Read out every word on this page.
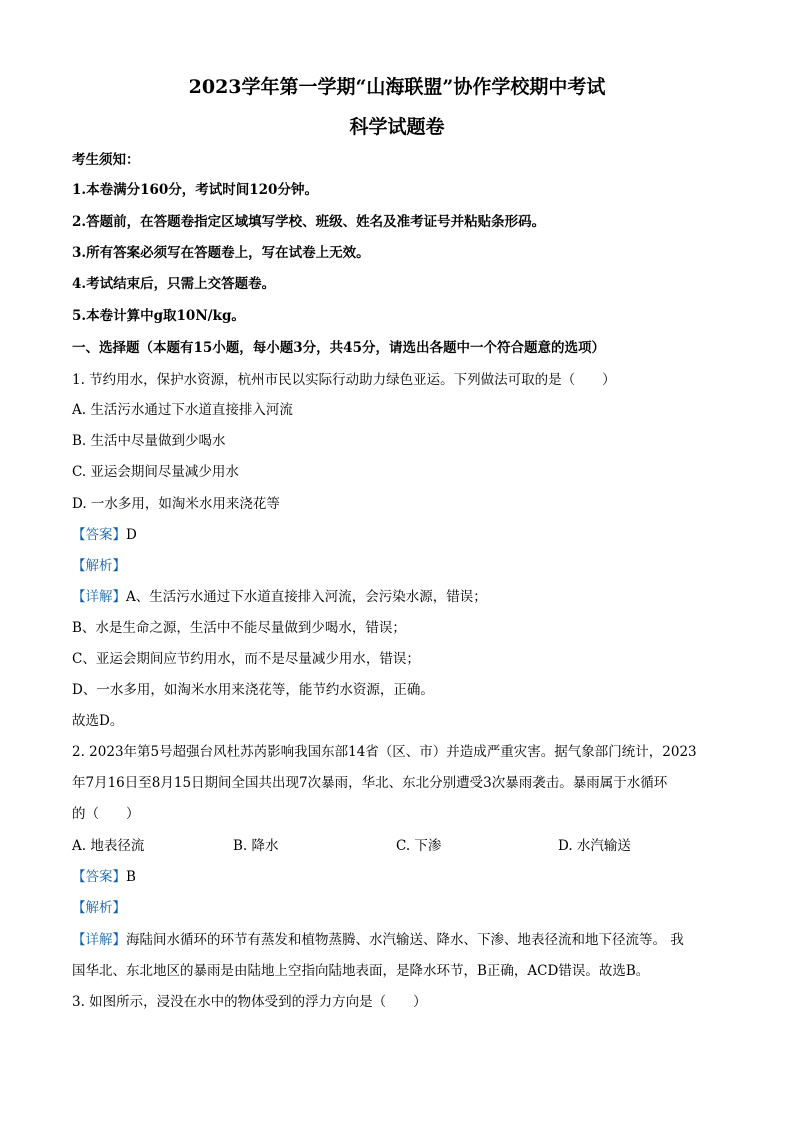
2023学年第一学期“山海联盟”协作学校期中考试
科学试题卷
考生须知：
1.本卷满分160分，考试时间120分钟。
2.答题前，在答题卷指定区域填写学校、班级、姓名及准考证号并粘贴条形码。
3.所有答案必须写在答题卷上，写在试卷上无效。
4.考试结束后，只需上交答题卷。
5.本卷计算中g取10N/kg。
一、选择题（本题有15小题，每小题3分，共45分，请选出各题中一个符合题意的选项）
1. 节约用水，保护水资源，杭州市民以实际行动助力绿色亚运。下列做法可取的是（　　）
A. 生活污水通过下水道直接排入河流
B. 生活中尽量做到少喝水
C. 亚运会期间尽量减少用水
D. 一水多用，如淘米水用来浇花等
【答案】D
【解析】
【详解】A、生活污水通过下水道直接排入河流，会污染水源，错误；
B、水是生命之源，生活中不能尽量做到少喝水，错误；
C、亚运会期间应节约用水，而不是尽量减少用水，错误；
D、一水多用，如淘米水用来浇花等，能节约水资源，正确。
故选D。
2. 2023年第5号超强台风杜苏芮影响我国东部14省（区、市）并造成严重灾害。据气象部门统计，2023
年7月16日至8月15日期间全国共出现7次暴雨，华北、东北分别遭受3次暴雨袭击。暴雨属于水循环
的（　　）
A. 地表径流	B. 降水	C. 下渗	D. 水汽输送
【答案】B
【解析】
【详解】海陆间水循环的环节有蒸发和植物蒸腾、水汽输送、降水、下渗、地表径流和地下径流等。 我
国华北、东北地区的暴雨是由陆地上空指向陆地表面，是降水环节，B正确，ACD错误。故选B。
3. 如图所示，浸没在水中的物体受到的浮力方向是（　　）
